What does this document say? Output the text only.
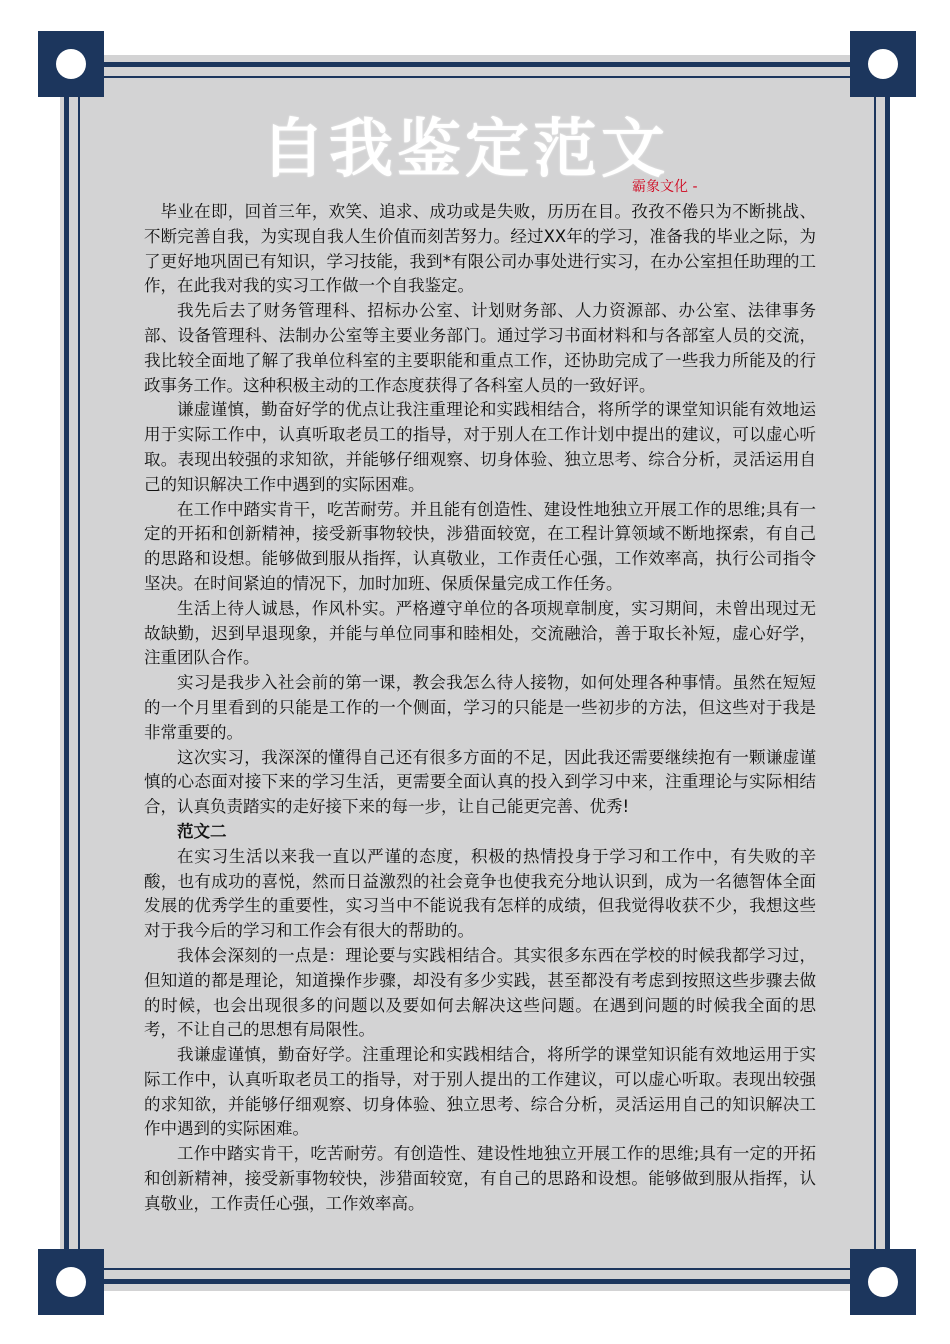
自我鉴定范文
霸象文化 -

毕业在即，回首三年，欢笑、追求、成功或是失败，历历在目。孜孜不倦只为不断挑战、不断完善自我，为实现自我人生价值而刻苦努力。经过XX年的学习，准备我的毕业之际，为了更好地巩固已有知识，学习技能，我到*有限公司办事处进行实习，在办公室担任助理的工作，在此我对我的实习工作做一个自我鉴定。

我先后去了财务管理科、招标办公室、计划财务部、人力资源部、办公室、法律事务部、设备管理科、法制办公室等主要业务部门。通过学习书面材料和与各部室人员的交流，我比较全面地了解了我单位科室的主要职能和重点工作，还协助完成了一些我力所能及的行政事务工作。这种积极主动的工作态度获得了各科室人员的一致好评。

谦虚谨慎，勤奋好学的优点让我注重理论和实践相结合，将所学的课堂知识能有效地运用于实际工作中，认真听取老员工的指导，对于别人在工作计划中提出的建议，可以虚心听取。表现出较强的求知欲，并能够仔细观察、切身体验、独立思考、综合分析，灵活运用自己的知识解决工作中遇到的实际困难。

在工作中踏实肯干，吃苦耐劳。并且能有创造性、建设性地独立开展工作的思维;具有一定的开拓和创新精神，接受新事物较快，涉猎面较宽，在工程计算领域不断地探索，有自己的思路和设想。能够做到服从指挥，认真敬业，工作责任心强，工作效率高，执行公司指令坚决。在时间紧迫的情况下，加时加班、保质保量完成工作任务。

生活上待人诚恳，作风朴实。严格遵守单位的各项规章制度，实习期间，未曾出现过无故缺勤，迟到早退现象，并能与单位同事和睦相处，交流融洽，善于取长补短，虚心好学，注重团队合作。

实习是我步入社会前的第一课，教会我怎么待人接物，如何处理各种事情。虽然在短短的一个月里看到的只能是工作的一个侧面，学习的只能是一些初步的方法，但这些对于我是非常重要的。

这次实习，我深深的懂得自己还有很多方面的不足，因此我还需要继续抱有一颗谦虚谨慎的心态面对接下来的学习生活，更需要全面认真的投入到学习中来，注重理论与实际相结合，认真负责踏实的走好接下来的每一步，让自己能更完善、优秀!

范文二

在实习生活以来我一直以严谨的态度，积极的热情投身于学习和工作中，有失败的辛酸，也有成功的喜悦，然而日益激烈的社会竟争也使我充分地认识到，成为一名德智体全面发展的优秀学生的重要性，实习当中不能说我有怎样的成绩，但我觉得收获不少，我想这些对于我今后的学习和工作会有很大的帮助的。

我体会深刻的一点是：理论要与实践相结合。其实很多东西在学校的时候我都学习过，但知道的都是理论，知道操作步骤，却没有多少实践，甚至都没有考虑到按照这些步骤去做的时候，也会出现很多的问题以及要如何去解决这些问题。在遇到问题的时候我全面的思考，不让自己的思想有局限性。

我谦虚谨慎，勤奋好学。注重理论和实践相结合，将所学的课堂知识能有效地运用于实际工作中，认真听取老员工的指导，对于别人提出的工作建议，可以虚心听取。表现出较强的求知欲，并能够仔细观察、切身体验、独立思考、综合分析，灵活运用自己的知识解决工作中遇到的实际困难。

工作中踏实肯干，吃苦耐劳。有创造性、建设性地独立开展工作的思维;具有一定的开拓和创新精神，接受新事物较快，涉猎面较宽，有自己的思路和设想。能够做到服从指挥，认真敬业，工作责任心强，工作效率高。
